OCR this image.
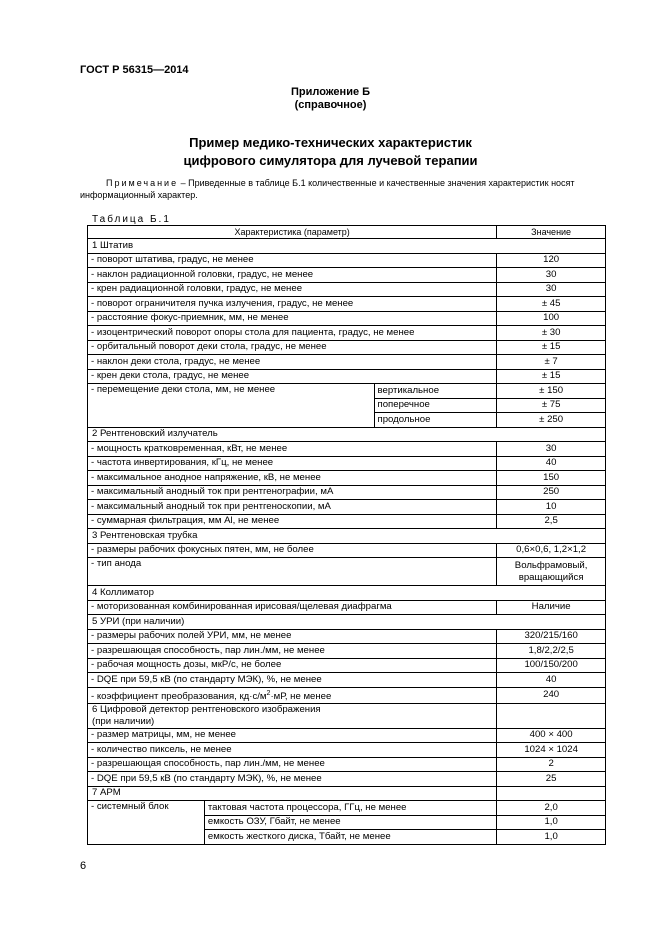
ГОСТ Р 56315—2014
Приложение Б
(справочное)
Пример медико-технических характеристик
цифрового симулятора для лучевой терапии
Примечание – Приведенные в таблице Б.1 количественные и качественные значения характеристик носят информационный характер.
Таблица Б.1
Характеристика (параметр)			Значение
1 Штатив			
- поворот штатива, градус, не менее			120
- наклон радиационной головки, градус, не менее			30
- крен радиационной головки, градус, не менее			30
- поворот ограничителя пучка излучения, градус, не менее			± 45
- расстояние фокус-приемник, мм, не менее			100
- изоцентрический поворот опоры стола для пациента, градус, не менее			± 30
- орбитальный поворот деки стола, градус, не менее			± 15
- наклон деки стола, градус, не менее			± 7
- крен деки стола, градус, не менее			± 15
- перемещение деки стола, мм, не менее		вертикальное	± 150
		поперечное	± 75
		продольное	± 250
2 Рентгеновский излучатель			
- мощность кратковременная, кВт, не менее			30
- частота инвертирования, кГц, не менее			40
- максимальное анодное напряжение, кВ, не менее			150
- максимальный анодный ток при рентгенографии, мА			250
- максимальный анодный ток при рентгеноскопии, мА			10
- суммарная фильтрация, мм Al, не менее			2,5
3 Рентгеновская трубка			
- размеры рабочих фокусных пятен, мм, не более			0,6×0,6, 1,2×1,2
- тип анода			Вольфрамовый,
вращающийся

4 Коллиматор			
- моторизованная комбинированная ирисовая/щелевая диафрагма			Наличие
5 УРИ (при наличии)			
- размеры рабочих полей УРИ, мм, не менее			320/215/160
- разрешающая способность, пар лин./мм, не менее			1,8/2,2/2,5
- рабочая мощность дозы, мкР/с, не более			100/150/200
- DQE при 59,5 кВ (по стандарту МЭК), %, не менее			40
- коэффициент преобразования, $кд\cdot с/м^2\cdot мР$, не менее			240

6 Цифровой детектор рентгеновского изображения
(при наличии)			

- размер матрицы, мм, не менее			400 × 400
- количество пиксель, не менее			1024 × 1024
- разрешающая способность, пар лин./мм, не менее			2
- DQE при 59,5 кВ (по стандарту МЭК), %, не менее			25
7 АРМ			
- системный блок	тактовая частота процессора, ГГц, не менее		2,0
	емкость ОЗУ, Гбайт, не менее		1,0
	емкость жесткого диска, Тбайт, не менее		1,0
6
